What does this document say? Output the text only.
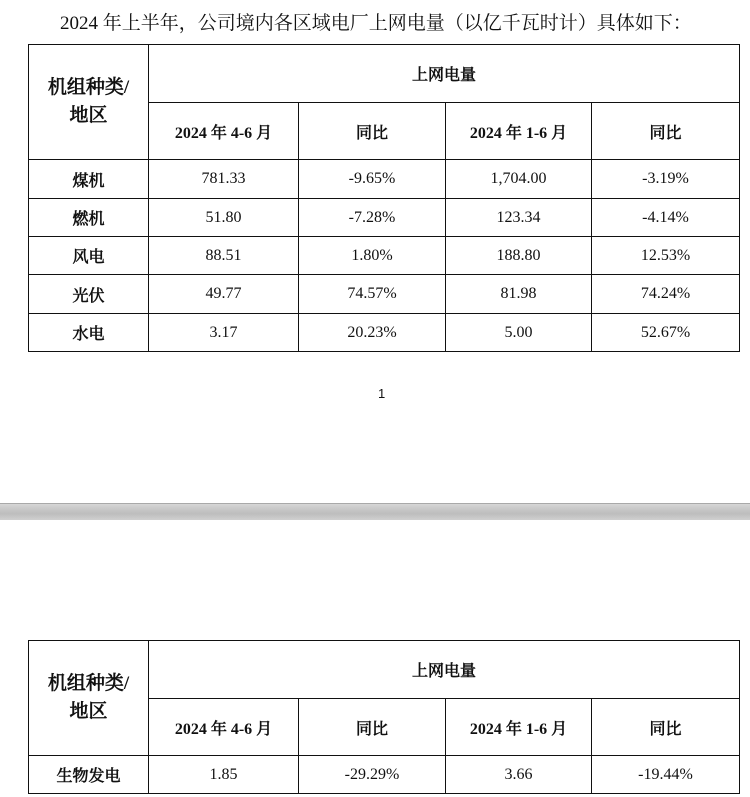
2024 年上半年，公司境内各区域电厂上网电量（以亿千瓦时计）具体如下：
机组种类/
地区	上网电量			
	2024 年 4-6 月	同比	2024 年 1-6 月	同比
煤机	781.33	-9.65%	1,704.00	-3.19%
燃机	51.80	-7.28%	123.34	-4.14%
风电	88.51	1.80%	188.80	12.53%
光伏	49.77	74.57%	81.98	74.24%
水电	3.17	20.23%	5.00	52.67%
1
机组种类/
地区	上网电量			
	2024 年 4-6 月	同比	2024 年 1-6 月	同比
生物发电	1.85	-29.29%	3.66	-19.44%
